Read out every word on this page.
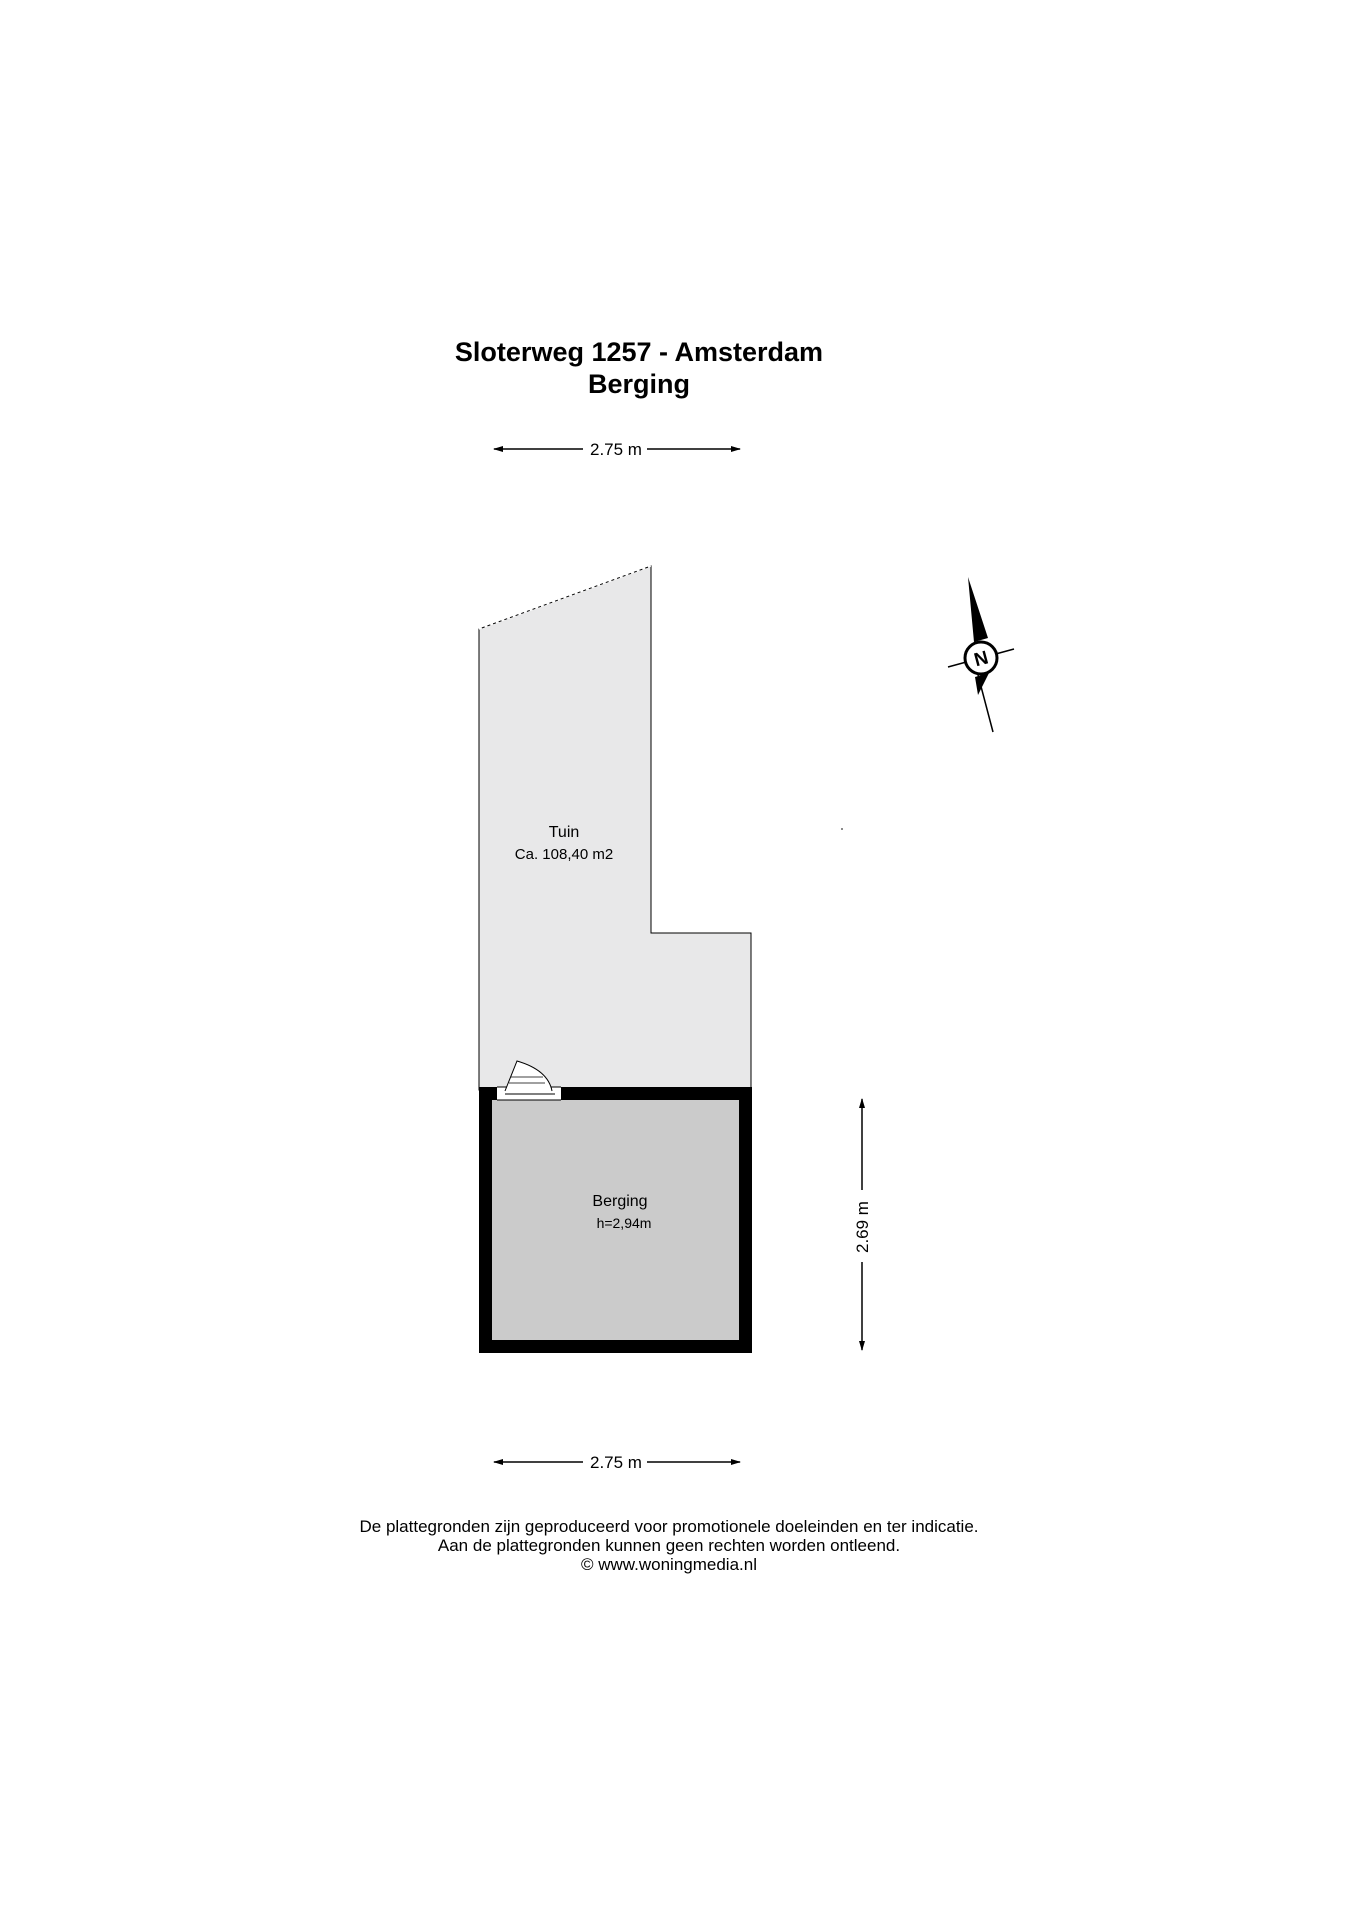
Sloterweg 1257 - Amsterdam
Berging
2.75 m
Tuin
Ca. 108,40 m2
Berging
h=2,94m	2.69 m
2.75 m
N
De plattegronden zijn geproduceerd voor promotionele doeleinden en ter indicatie.
Aan de plattegronden kunnen geen rechten worden ontleend.
© www.woningmedia.nl
